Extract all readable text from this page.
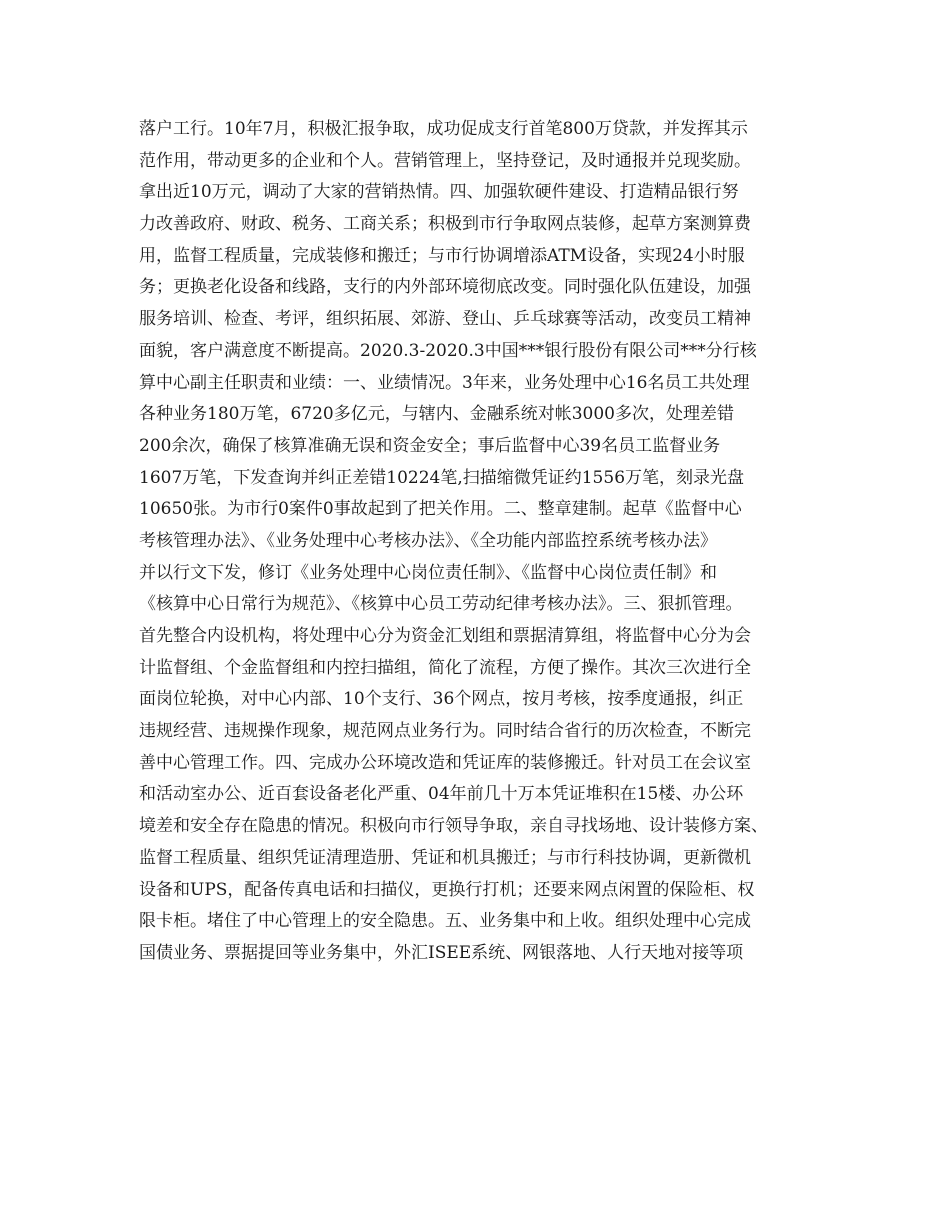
落户工行。10年7月，积极汇报争取，成功促成支行首笔800万贷款，并发挥其示
范作用，带动更多的企业和个人。营销管理上，坚持登记，及时通报并兑现奖励。
拿出近10万元，调动了大家的营销热情。四、加强软硬件建设、打造精品银行努
力改善政府、财政、税务、工商关系；积极到市行争取网点装修，起草方案测算费
用，监督工程质量，完成装修和搬迁；与市行协调增添ATM设备，实现24小时服
务；更换老化设备和线路，支行的内外部环境彻底改变。同时强化队伍建设，加强
服务培训、检查、考评，组织拓展、郊游、登山、乒乓球赛等活动，改变员工精神
面貌，客户满意度不断提高。2020.3-2020.3中国***银行股份有限公司***分行核
算中心副主任职责和业绩：一、业绩情况。3年来，业务处理中心16名员工共处理
各种业务180万笔，6720多亿元，与辖内、金融系统对帐3000多次，处理差错
200余次，确保了核算准确无误和资金安全；事后监督中心39名员工监督业务
1607万笔，下发查询并纠正差错10224笔,扫描缩微凭证约1556万笔，刻录光盘
10650张。为市行0案件0事故起到了把关作用。二、整章建制。起草《监督中心
考核管理办法》、《业务处理中心考核办法》、《全功能内部监控系统考核办法》
并以行文下发，修订《业务处理中心岗位责任制》、《监督中心岗位责任制》和
《核算中心日常行为规范》、《核算中心员工劳动纪律考核办法》。三、狠抓管理。
首先整合内设机构，将处理中心分为资金汇划组和票据清算组，将监督中心分为会
计监督组、个金监督组和内控扫描组，简化了流程，方便了操作。其次三次进行全
面岗位轮换，对中心内部、10个支行、36个网点，按月考核，按季度通报，纠正
违规经营、违规操作现象，规范网点业务行为。同时结合省行的历次检查，不断完
善中心管理工作。四、完成办公环境改造和凭证库的装修搬迁。针对员工在会议室
和活动室办公、近百套设备老化严重、04年前几十万本凭证堆积在15楼、办公环
境差和安全存在隐患的情况。积极向市行领导争取，亲自寻找场地、设计装修方案、
监督工程质量、组织凭证清理造册、凭证和机具搬迁；与市行科技协调，更新微机
设备和UPS，配备传真电话和扫描仪，更换行打机；还要来网点闲置的保险柜、权
限卡柜。堵住了中心管理上的安全隐患。五、业务集中和上收。组织处理中心完成
国债业务、票据提回等业务集中，外汇ISEE系统、网银落地、人行天地对接等项
